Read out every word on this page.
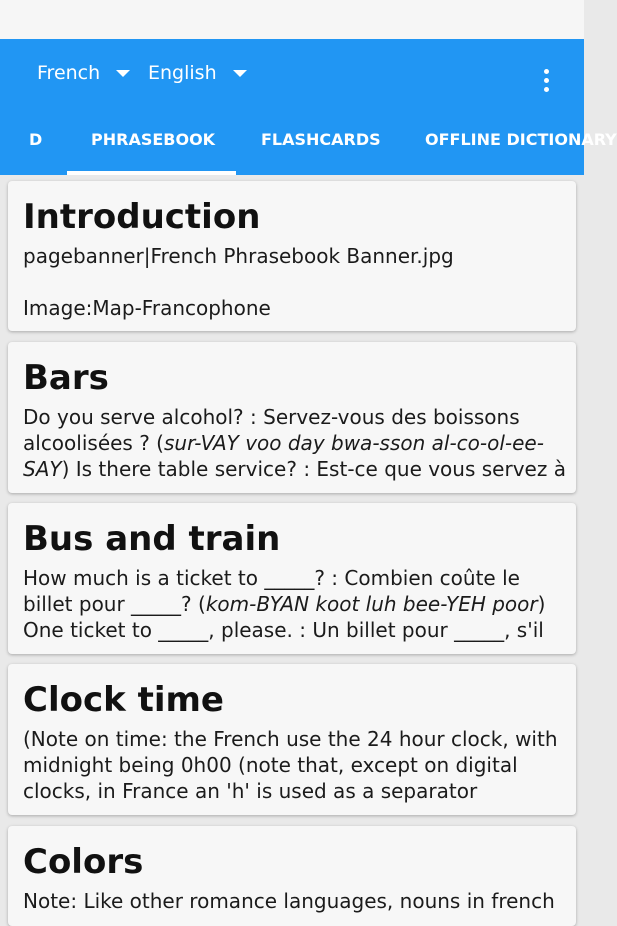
French	English
D	PHRASEBOOK	FLASHCARDS	OFFLINE DICTIONARY
Introduction

pagebanner|French Phrasebook Banner.jpg

Image:Map-Francophone

Bars

Do you serve alcohol? : Servez-vous des boissons alcoolisées ? (sur-VAY voo day bwa-sson al-co-ol-ee-SAY) Is there table service? : Est-ce que vous servez à

Bus and train

How much is a ticket to _____? : Combien coûte le billet pour _____? (kom-BYAN koot luh bee-YEH poor) One ticket to _____, please. : Un billet pour _____, s'il

Clock time

(Note on time: the French use the 24 hour clock, with midnight being 0h00 (note that, except on digital clocks, in France an 'h' is used as a separator

Colors

Note: Like other romance languages, nouns in french
